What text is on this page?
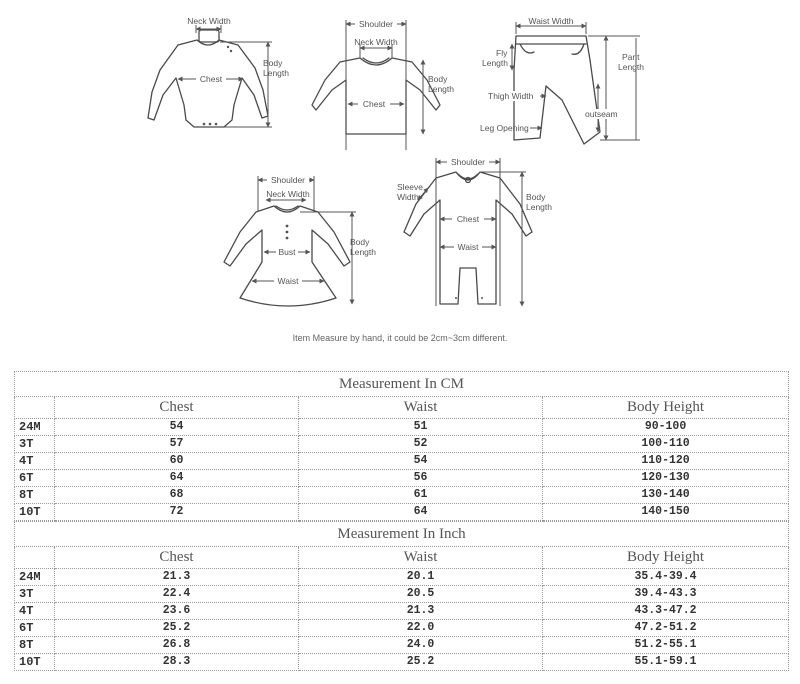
Chest
Neck Width
Body
Length
Shoulder
Neck Width
Chest
Body
Length
Waist Width
Fly
Length
Pant
Length
Thigh Width
outseam
Leg Opening
Shoulder
Neck Width
Bust
Waist
Body
Length
Shoulder
Sleeve
Width
Chest
Waist
Body
Length
Item Measure by hand, it could be 2cm~3cm different.
Measurement In CM			
	Chest	Waist	Body Height
24M	54	51	90-100
3T	57	52	100-110
4T	60	54	110-120
6T	64	56	120-130
8T	68	61	130-140
10T	72	64	140-150
Measurement In Inch			
	Chest	Waist	Body Height
24M	21.3	20.1	35.4-39.4
3T	22.4	20.5	39.4-43.3
4T	23.6	21.3	43.3-47.2
6T	25.2	22.0	47.2-51.2
8T	26.8	24.0	51.2-55.1
10T	28.3	25.2	55.1-59.1
